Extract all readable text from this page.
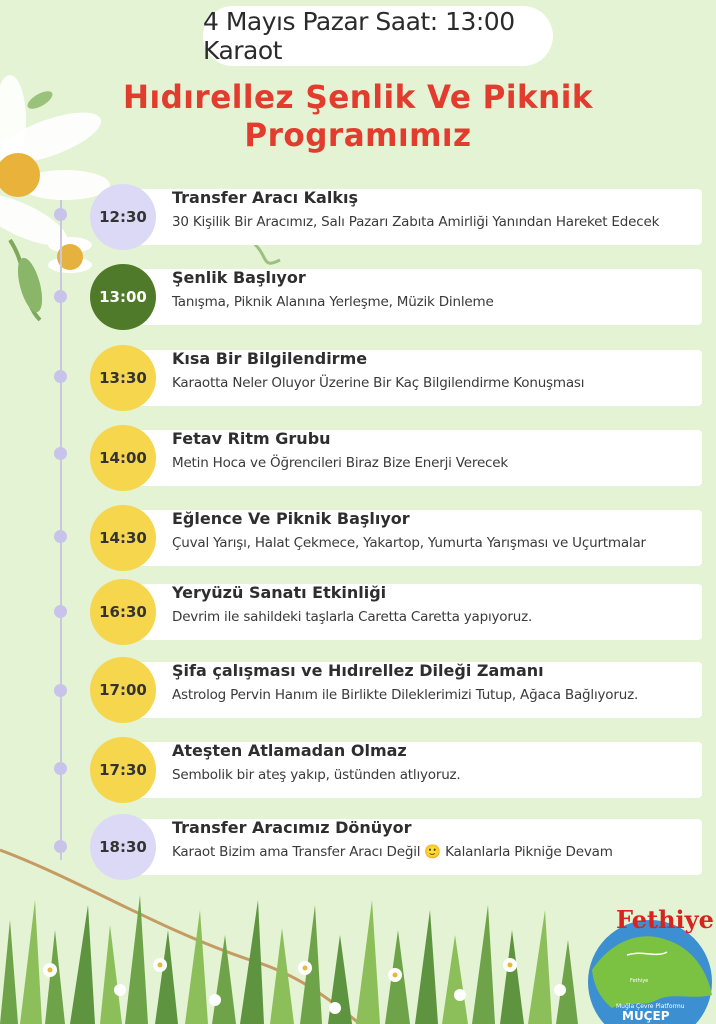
4 Mayıs Pazar Saat: 13:00 Karaot
Hıdırellez Şenlik Ve Piknik Programımız
12:30

Transfer Aracı Kalkış

30 Kişilik Bir Aracımız, Salı Pazarı Zabıta Amirliği Yanından Hareket Edecek

13:00

Şenlik Başlıyor

Tanışma, Piknik Alanına Yerleşme, Müzik Dinleme

13:30

Kısa Bir Bilgilendirme

Karaotta Neler Oluyor Üzerine Bir Kaç Bilgilendirme Konuşması

14:00

Fetav Ritm Grubu

Metin Hoca ve Öğrencileri Biraz Bize Enerji Verecek

14:30

Eğlence Ve Piknik Başlıyor

Çuval Yarışı, Halat Çekmece, Yakartop, Yumurta Yarışması ve Uçurtmalar

16:30

Yeryüzü Sanatı Etkinliği

Devrim ile sahildeki taşlarla Caretta Caretta yapıyoruz.

17:00

Şifa çalışması ve Hıdırellez Dileği Zamanı

Astrolog Pervin Hanım ile Birlikte Dileklerimizi Tutup, Ağaca Bağlıyoruz.

17:30

Ateşten Atlamadan Olmaz

Sembolik bir ateş yakıp, üstünden atlıyoruz.

18:30

Transfer Aracımız Dönüyor

Karaot Bizim ama Transfer Aracı Değil 🙂 Kalanlarla Pikniğe Devam

Fethiye
Muğla Çevre Platformu
MUÇEP

Fethiye
